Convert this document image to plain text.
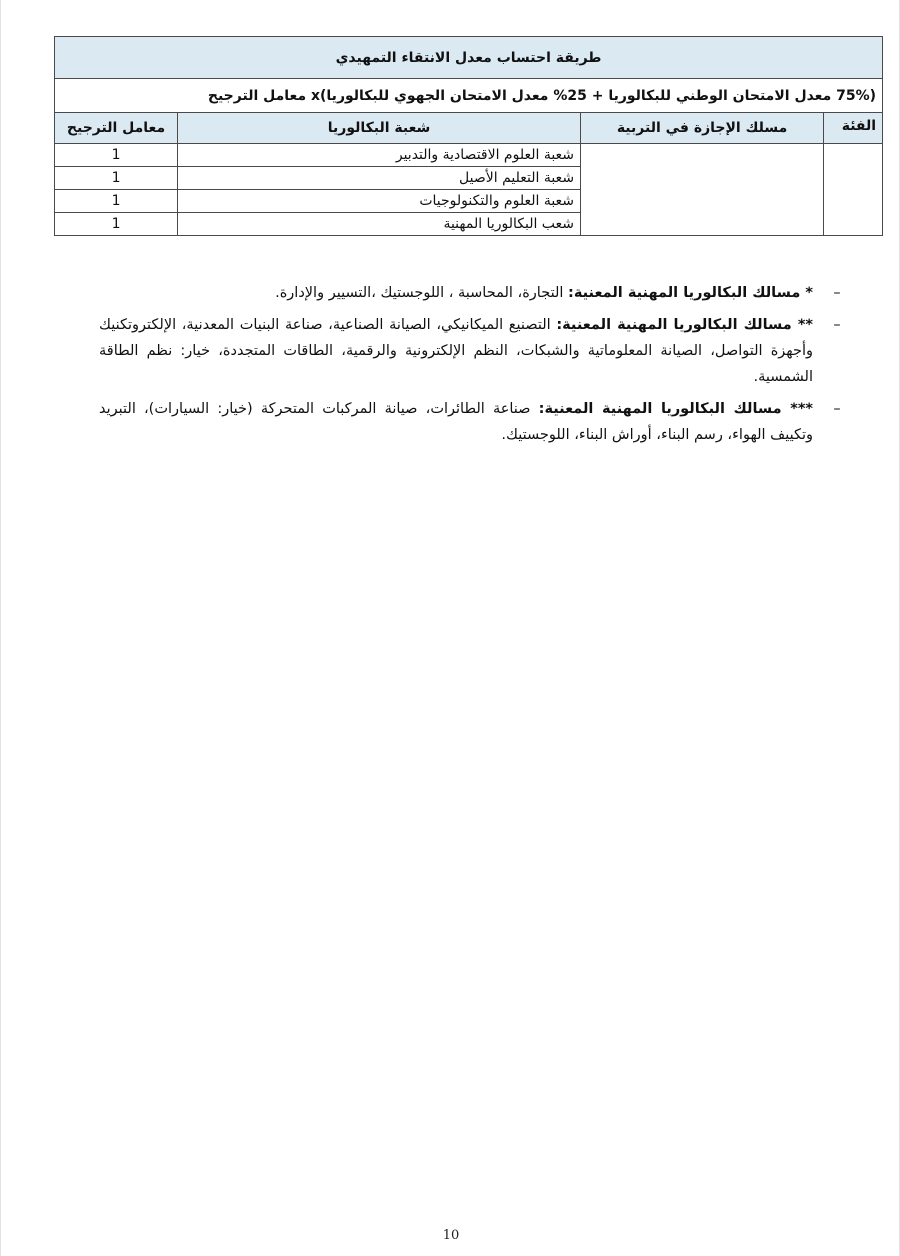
طريقة احتساب معدل الانتقاء التمهيدي			
(75% معدل الامتحان الوطني للبكالوريا + 25% معدل الامتحان الجهوي للبكالوريا)x معامل الترجيح			
الفئة	مسلك الإجازة في التربية	شعبة البكالوريا	معامل الترجيح
		شعبة العلوم الاقتصادية والتدبير	1
		شعبة التعليم الأصيل	1
		شعبة العلوم والتكنولوجيات	1
		شعب البكالوريا المهنية	1
–
* مسالك البكالوريا المهنية المعنية: التجارة، المحاسبة ، اللوجستيك ،التسيير والإدارة.
–
** مسالك البكالوريا المهنية المعنية: التصنيع الميكانيكي، الصيانة الصناعية، صناعة البنيات المعدنية، الإلكتروتكنيك وأجهزة التواصل، الصيانة المعلوماتية والشبكات، النظم الإلكترونية والرقمية، الطاقات المتجددة، خيار: نظم الطاقة الشمسية.
–
*** مسالك البكالوريا المهنية المعنية: صناعة الطائرات، صيانة المركبات المتحركة (خيار: السيارات)، التبريد وتكييف الهواء، رسم البناء، أوراش البناء، اللوجستيك.
10
